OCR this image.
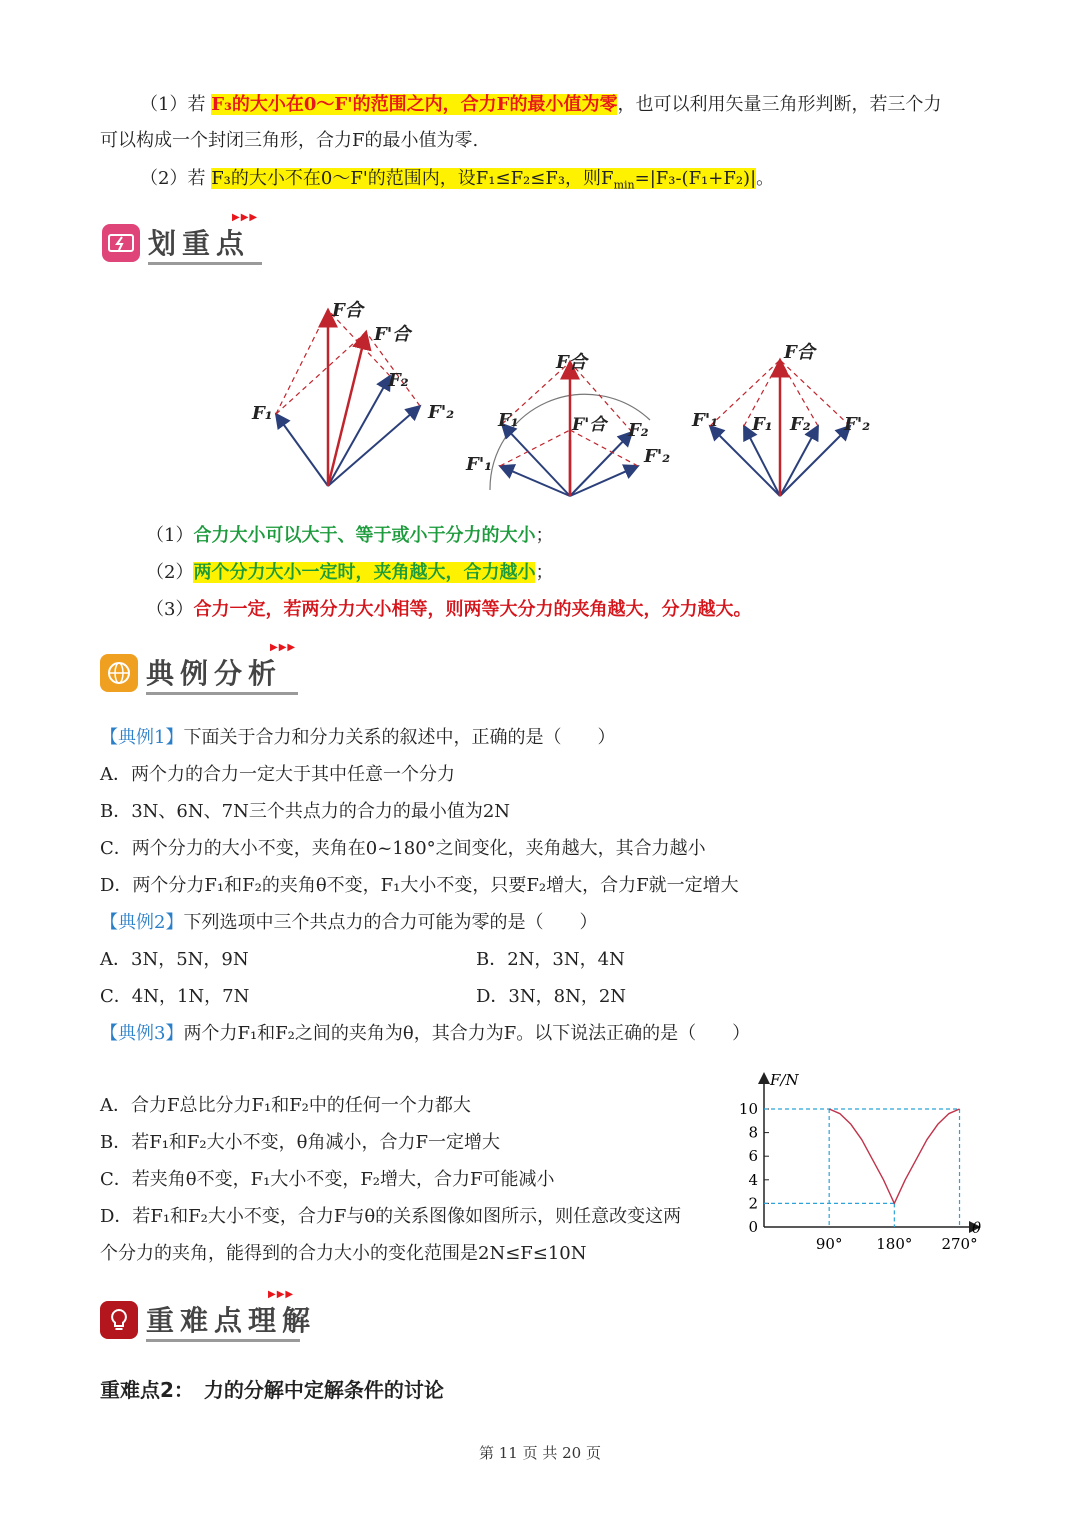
（1）若 F₃的大小在0～F'的范围之内，合力F的最小值为零，也可以利用矢量三角形判断，若三个力
可以构成一个封闭三角形，合力F的最小值为零.
（2）若 F₃的大小不在0～F'的范围内，设F₁≤F₂≤F₃，则$F_{min}=|F_3-(F_1+F_2)|$。
▶▶▶
划重点
F合
F'合
F₁
F₂
F'₂
F合
F₁	F'合 F₂
F'₁	F'₂
F合
F'₁ F₁ F₂ F'₂
（1）合力大小可以大于、等于或小于分力的大小；
（2）两个分力大小一定时，夹角越大，合力越小；
（3）合力一定，若两分力大小相等，则两等大分力的夹角越大，分力越大。
▶▶▶
典例分析
【典例1】下面关于合力和分力关系的叙述中，正确的是（　　）
A．两个力的合力一定大于其中任意一个分力
B．3N、6N、7N三个共点力的合力的最小值为2N
C．两个分力的大小不变，夹角在0~180°之间变化，夹角越大，其合力越小
D．两个分力F₁和F₂的夹角θ不变，F₁大小不变，只要F₂增大，合力F就一定增大
【典例2】下列选项中三个共点力的合力可能为零的是（　　）
A．3N，5N，9N	B．2N，3N，4N
C．4N，1N，7N	D．3N，8N，2N
【典例3】两个力F₁和F₂之间的夹角为θ，其合力为F。以下说法正确的是（　　）
A．合力F总比分力F₁和F₂中的任何一个力都大
B．若F₁和F₂大小不变，θ角减小，合力F一定增大
C．若夹角θ不变，F₁大小不变，F₂增大，合力F可能减小
D．若F₁和F₂大小不变，合力F与θ的关系图像如图所示，则任意改变这两
个分力的夹角，能得到的合力大小的变化范围是2N≤F≤10N
F/N
θ
0
2
4
6
8
10
90° 180° 270°
▶▶▶
重难点理解
重难点2：　力的分解中定解条件的讨论
第 11 页 共 20 页
